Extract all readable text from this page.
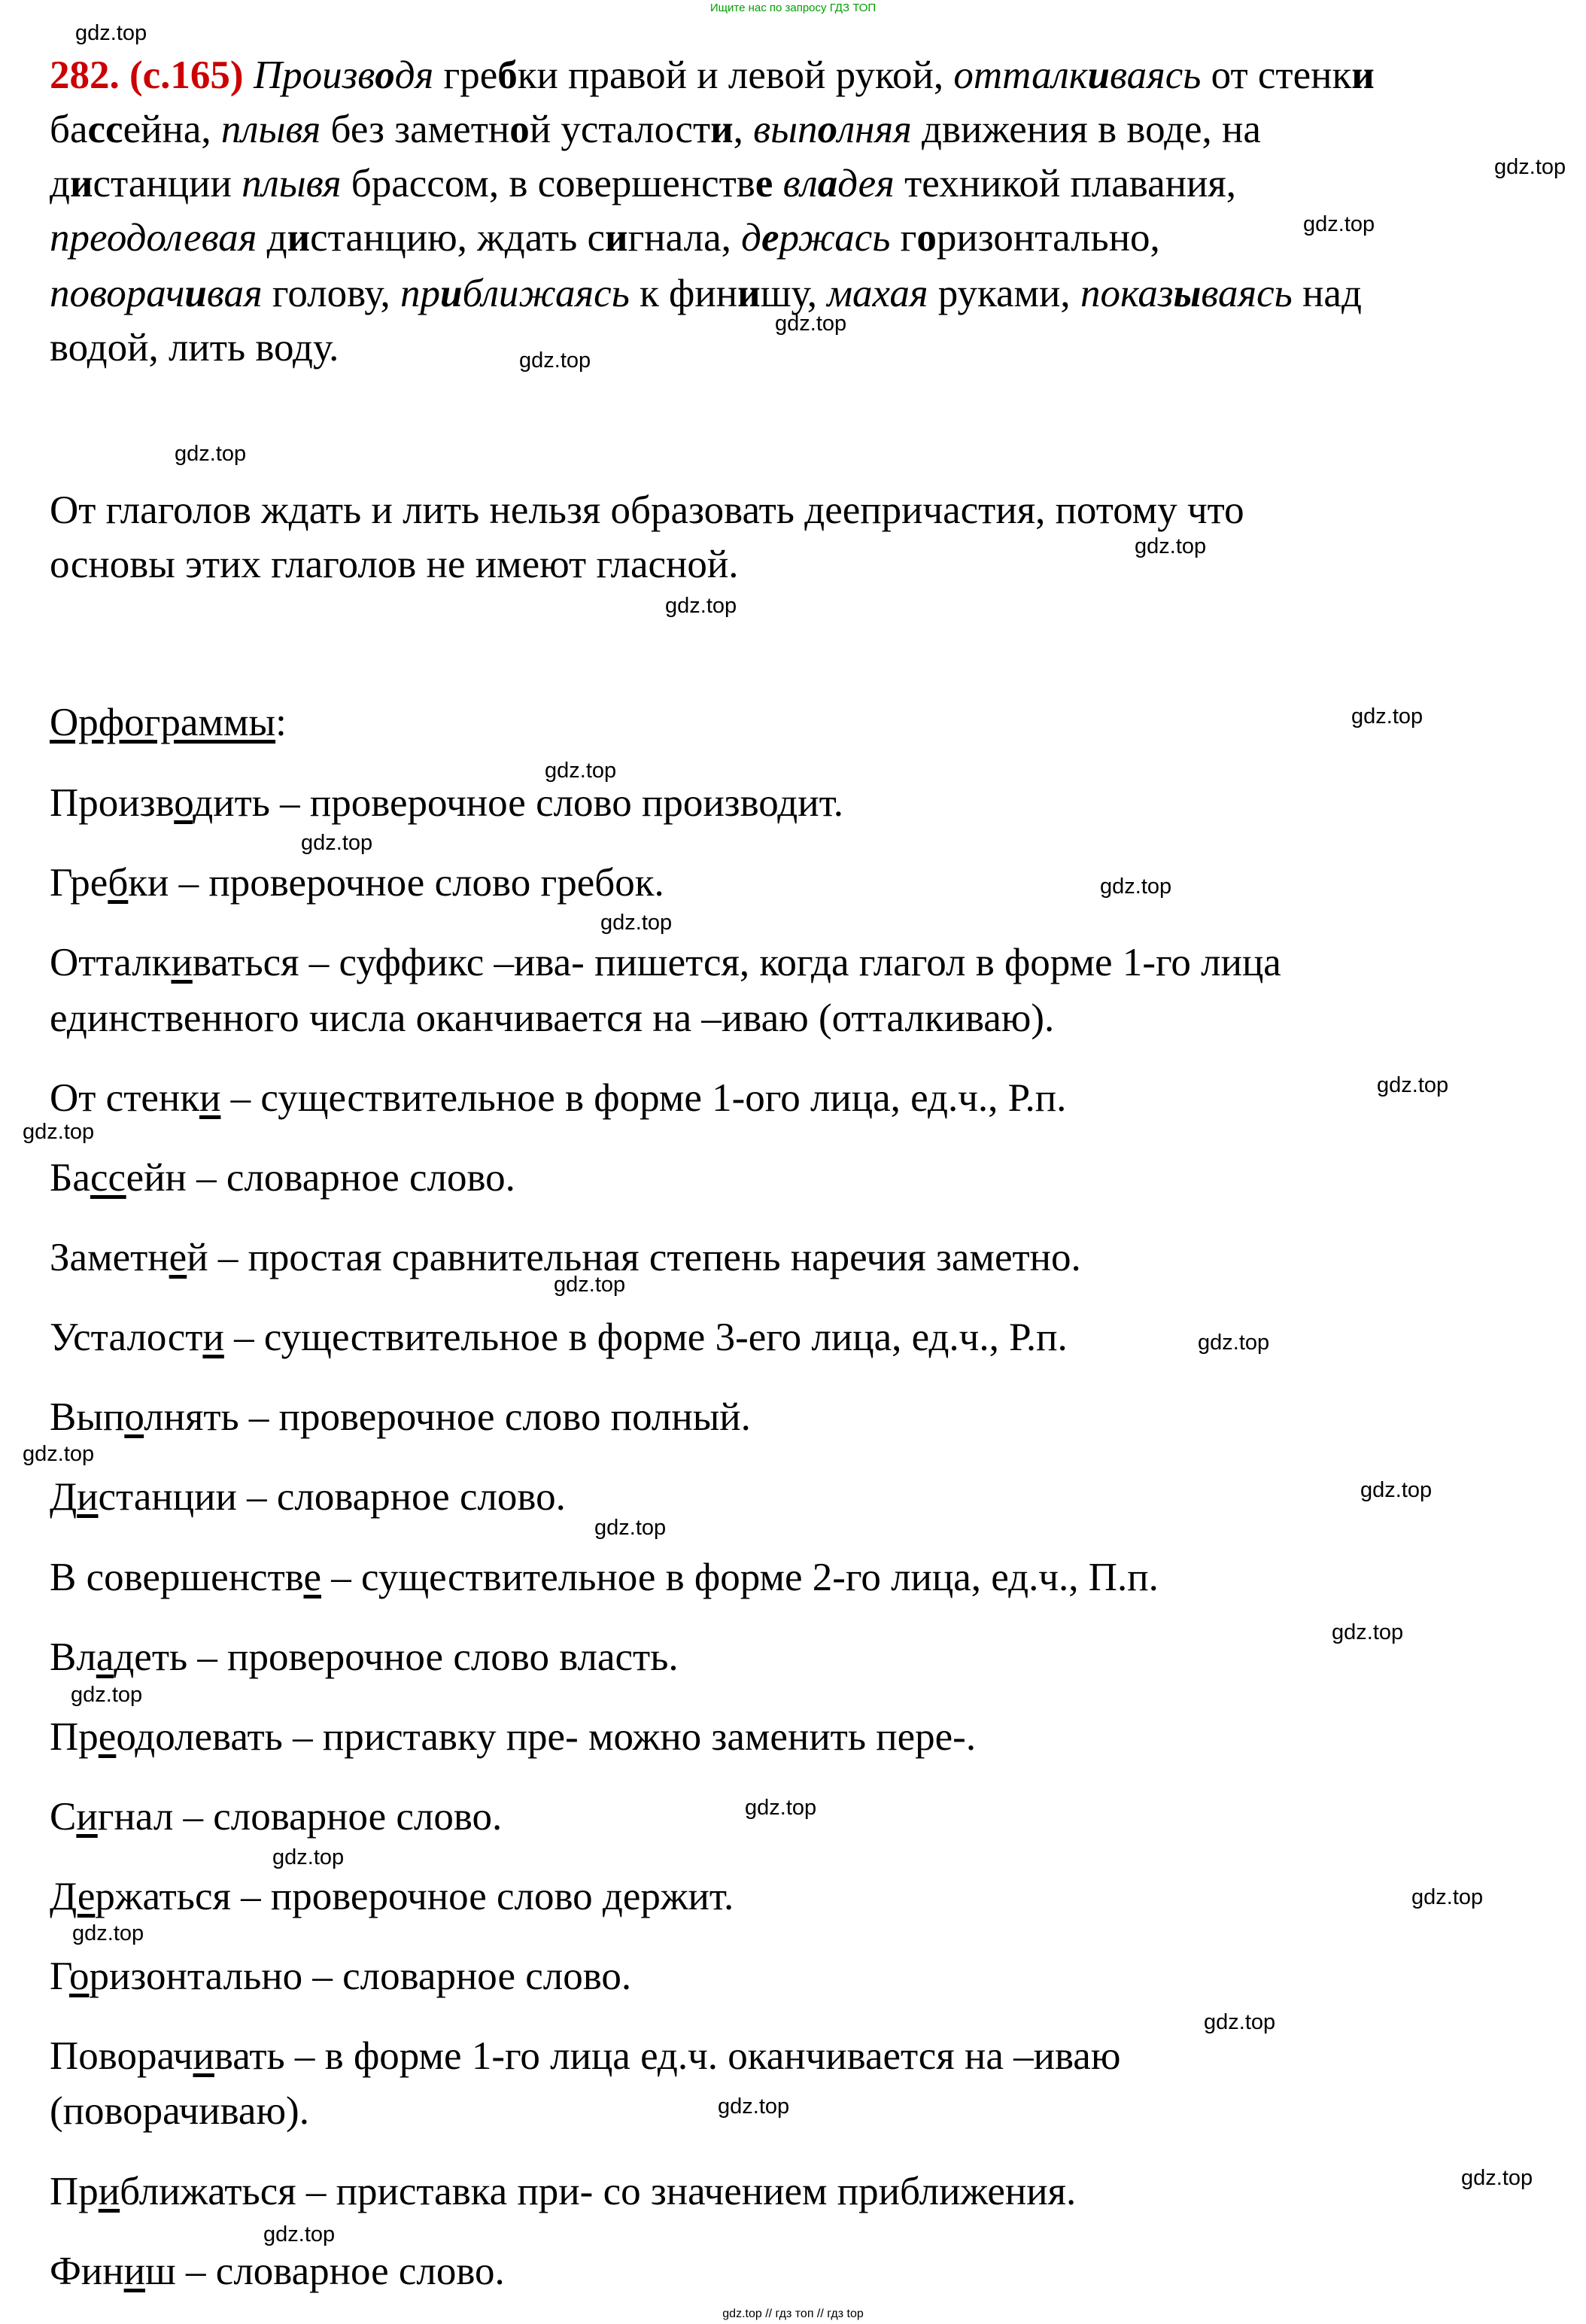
Ищите нас по запросу ГДЗ ТОП
282. (с.165) Производя гребки правой и левой рукой, отталкиваясь от стенки
бассейна, плывя без заметной усталости, выполняя движения в воде, на
дистанции плывя брассом, в совершенстве владея техникой плавания,
преодолевая дистанцию, ждать сигнала, держась горизонтально,
поворачивая голову, приближаясь к финишу, махая руками, показываясь над
водой, лить воду.
От глаголов ждать и лить нельзя образовать деепричастия, потому что
основы этих глаголов не имеют гласной.
Орфограммы:
Производить – проверочное слово производит.
Гребки – проверочное слово гребок.
Отталкиваться – суффикс –ива- пишется, когда глагол в форме 1-го лица
единственного числа оканчивается на –иваю (отталкиваю).
От стенки – существительное в форме 1-ого лица, ед.ч., Р.п.
Бассейн – словарное слово.
Заметней – простая сравнительная степень наречия заметно.
Усталости – существительное в форме 3-его лица, ед.ч., Р.п.
Выполнять – проверочное слово полный.
Дистанции – словарное слово.
В совершенстве – существительное в форме 2-го лица, ед.ч., П.п.
Владеть – проверочное слово власть.
Преодолевать – приставку пре- можно заменить пере-.
Сигнал – словарное слово.
Держаться – проверочное слово держит.
Горизонтально – словарное слово.
Поворачивать – в форме 1-го лица ед.ч. оканчивается на –иваю
(поворачиваю).
Приближаться – приставка при- со значением приближения.
Финиш – словарное слово.
gdz.top
gdz.top
gdz.top
gdz.top
gdz.top
gdz.top
gdz.top
gdz.top
gdz.top
gdz.top
gdz.top
gdz.top
gdz.top
gdz.top
gdz.top
gdz.top
gdz.top
gdz.top
gdz.top
gdz.top
gdz.top
gdz.top
gdz.top
gdz.top
gdz.top
gdz.top
gdz.top
gdz.top
gdz.top
gdz.top
gdz.top // гдз топ // гдз top
